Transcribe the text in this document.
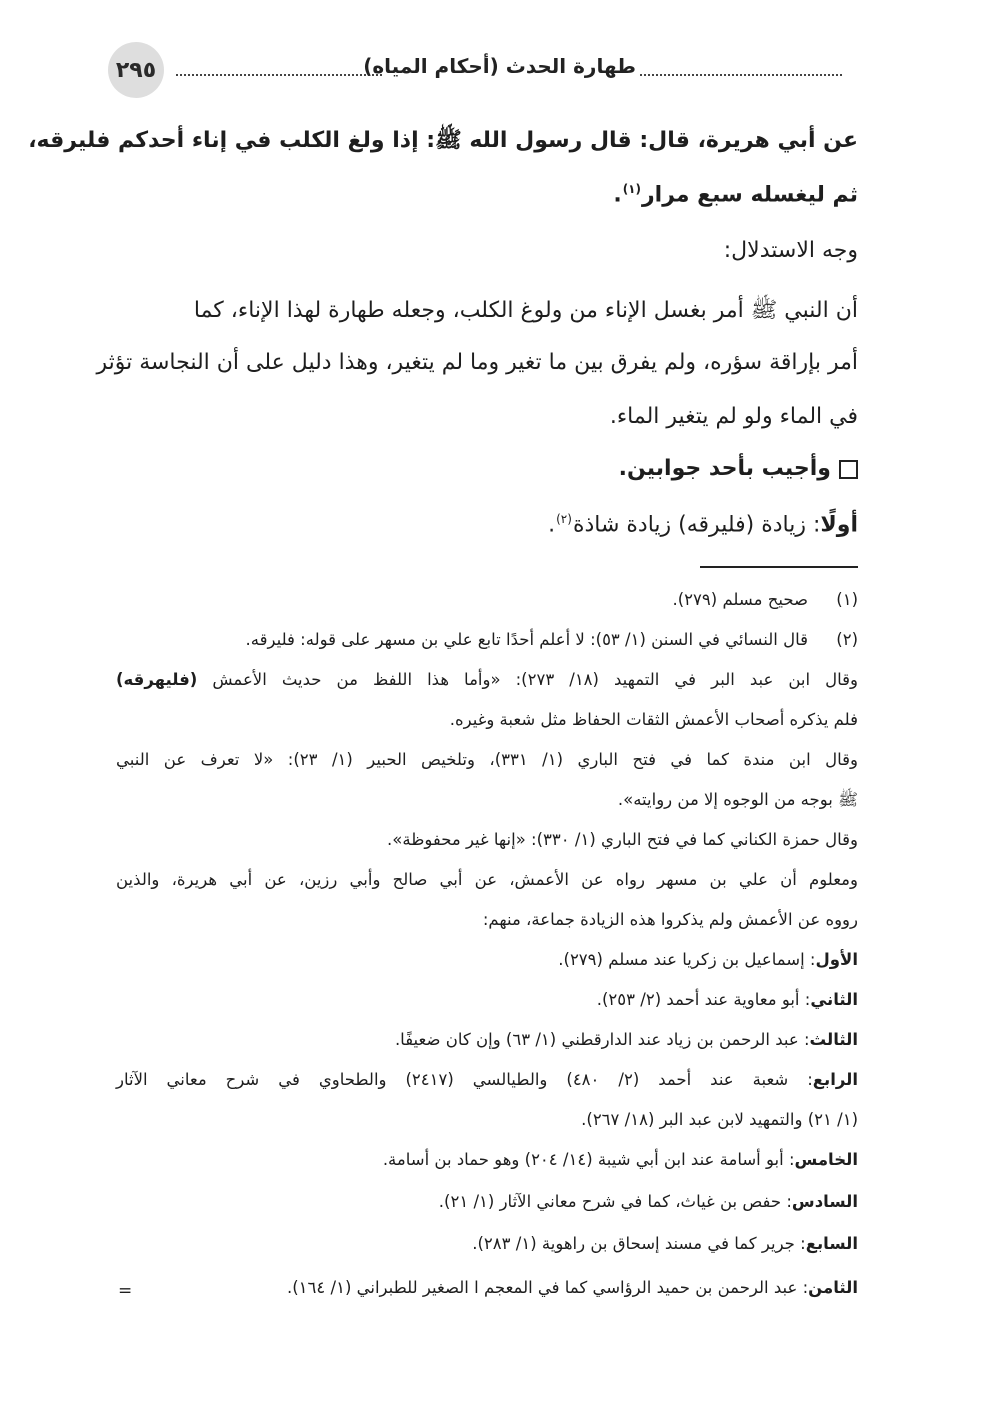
٢٩٥	طهارة الحدث (أحكام المياه)
عن أبي هريرة، قال: قال رسول الله ﷺ: إذا ولغ الكلب في إناء أحدكم فليرقه،
ثم ليغسله سبع مرار$^{(١)}$.
وجه الاستدلال:
أن النبي ﷺ أمر بغسل الإناء من ولوغ الكلب، وجعله طهارة لهذا الإناء، كما
أمر بإراقة سؤره، ولم يفرق بين ما تغير وما لم يتغير، وهذا دليل على أن النجاسة تؤثر
في الماء ولو لم يتغير الماء.
وأجيب بأحد جوابين.
أولًا: زيادة (فليرقه) زيادة شاذة$^{(٢)}$.
(١)
صحيح مسلم (٢٧٩).
(٢)
قال النسائي في السنن (١/ ٥٣): لا أعلم أحدًا تابع علي بن مسهر على قوله: فليرقه.
وقال ابن عبد البر في التمهيد (١٨/ ٢٧٣): «وأما هذا اللفظ من حديث الأعمش (فليهرقه)
فلم يذكره أصحاب الأعمش الثقات الحفاظ مثل شعبة وغيره.
وقال ابن مندة كما في فتح الباري (١/ ٣٣١)، وتلخيص الحبير (١/ ٢٣): «لا تعرف عن النبي
ﷺ بوجه من الوجوه إلا من روايته».
وقال حمزة الكناني كما في فتح الباري (١/ ٣٣٠): «إنها غير محفوظة».
ومعلوم أن علي بن مسهر رواه عن الأعمش، عن أبي صالح وأبي رزين، عن أبي هريرة، والذين
رووه عن الأعمش ولم يذكروا هذه الزيادة جماعة، منهم:
الأول: إسماعيل بن زكريا عند مسلم (٢٧٩).
الثاني: أبو معاوية عند أحمد (٢/ ٢٥٣).
الثالث: عبد الرحمن بن زياد عند الدارقطني (١/ ٦٣) وإن كان ضعيفًا.
الرابع: شعبة عند أحمد (٢/ ٤٨٠) والطيالسي (٢٤١٧) والطحاوي في شرح معاني الآثار
(١/ ٢١) والتمهيد لابن عبد البر (١٨/ ٢٦٧).
الخامس: أبو أسامة عند ابن أبي شيبة (١٤/ ٢٠٤) وهو حماد بن أسامة.
السادس: حفص بن غياث، كما في شرح معاني الآثار (١/ ٢١).
السابع: جرير كما في مسند إسحاق بن راهوية (١/ ٢٨٣).
الثامن: عبد الرحمن بن حميد الرؤاسي كما في المعجم ا الصغير للطبراني (١/ ١٦٤).
=
